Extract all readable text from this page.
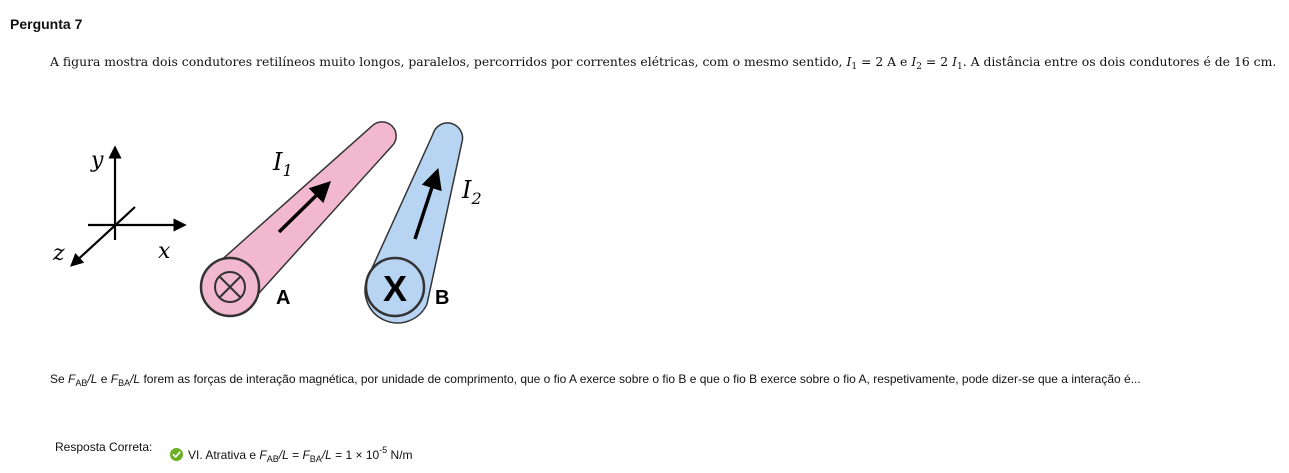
Pergunta 7
A figura mostra dois condutores retilíneos muito longos, paralelos, percorridos por correntes elétricas, com o mesmo sentido, $I_1 = 2$ A e $I_2 = 2$ $I_1$. A distância entre os dois condutores é de 16 cm.
y
x
z
$I_1$
A	X
$I_2$
B
Se $F_{AB}/L$ e $F_{BA}/L$ forem as forças de interação magnética, por unidade de comprimento, que o fio A exerce sobre o fio B e que o fio B exerce sobre o fio A, respetivamente, pode dizer-se que a interação é...
Resposta Correta:
VI. Atrativa e $F_{AB}/L = F_{BA}/L = 1 \times 10^{-5}$ N/m
